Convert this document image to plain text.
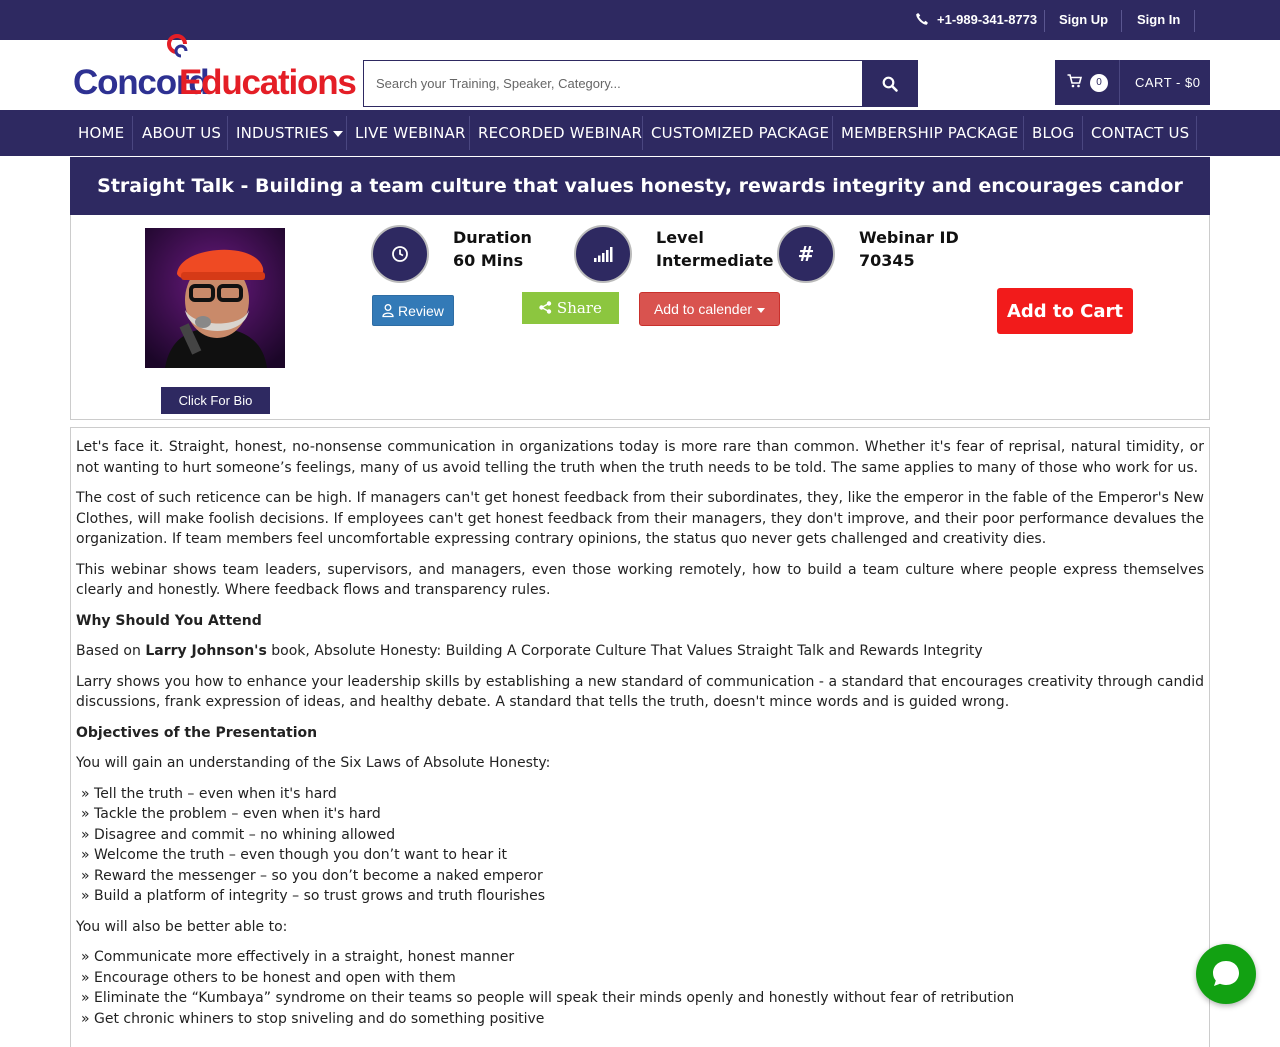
+1-989-341-8773 Sign Up Sign In
Concord
Educations
Search your Training, Speaker, Category...	0	CART - $0
HOME ABOUT US INDUSTRIES	LIVE WEBINAR RECORDED WEBINAR CUSTOMIZED PACKAGE MEMBERSHIP PACKAGE BLOG CONTACT US
Straight Talk - Building a team culture that values honesty, rewards integrity and encourages candor
Click For Bio
Duration
60 Mins
Level
Intermediate #
Webinar ID
70345
Review	Share	Add to calender	Add to Cart

Let's face it. Straight, honest, no-nonsense communication in organizations today is more rare than common. Whether it's fear of reprisal, natural timidity, or not wanting to hurt someone’s feelings, many of us avoid telling the truth when the truth needs to be told. The same applies to many of those who work for us.

The cost of such reticence can be high. If managers can't get honest feedback from their subordinates, they, like the emperor in the fable of the Emperor's New Clothes, will make foolish decisions. If employees can't get honest feedback from their managers, they don't improve, and their poor performance devalues the organization. If team members feel uncomfortable expressing contrary opinions, the status quo never gets challenged and creativity dies.

This webinar shows team leaders, supervisors, and managers, even those working remotely, how to build a team culture where people express themselves clearly and honestly. Where feedback flows and transparency rules.

Why Should You Attend

Based on Larry Johnson's book, Absolute Honesty: Building A Corporate Culture That Values Straight Talk and Rewards Integrity

Larry shows you how to enhance your leadership skills by establishing a new standard of communication - a standard that encourages creativity through candid discussions, frank expression of ideas, and healthy debate. A standard that tells the truth, doesn't mince words and is guided wrong.

Objectives of the Presentation

You will gain an understanding of the Six Laws of Absolute Honesty:

» Tell the truth – even when it's hard
» Tackle the problem – even when it's hard
» Disagree and commit – no whining allowed
» Welcome the truth – even though you don’t want to hear it
» Reward the messenger – so you don’t become a naked emperor
» Build a platform of integrity – so trust grows and truth flourishes

You will also be better able to:

» Communicate more effectively in a straight, honest manner
» Encourage others to be honest and open with them
» Eliminate the “Kumbaya” syndrome on their teams so people will speak their minds openly and honestly without fear of retribution
» Get chronic whiners to stop sniveling and do something positive
